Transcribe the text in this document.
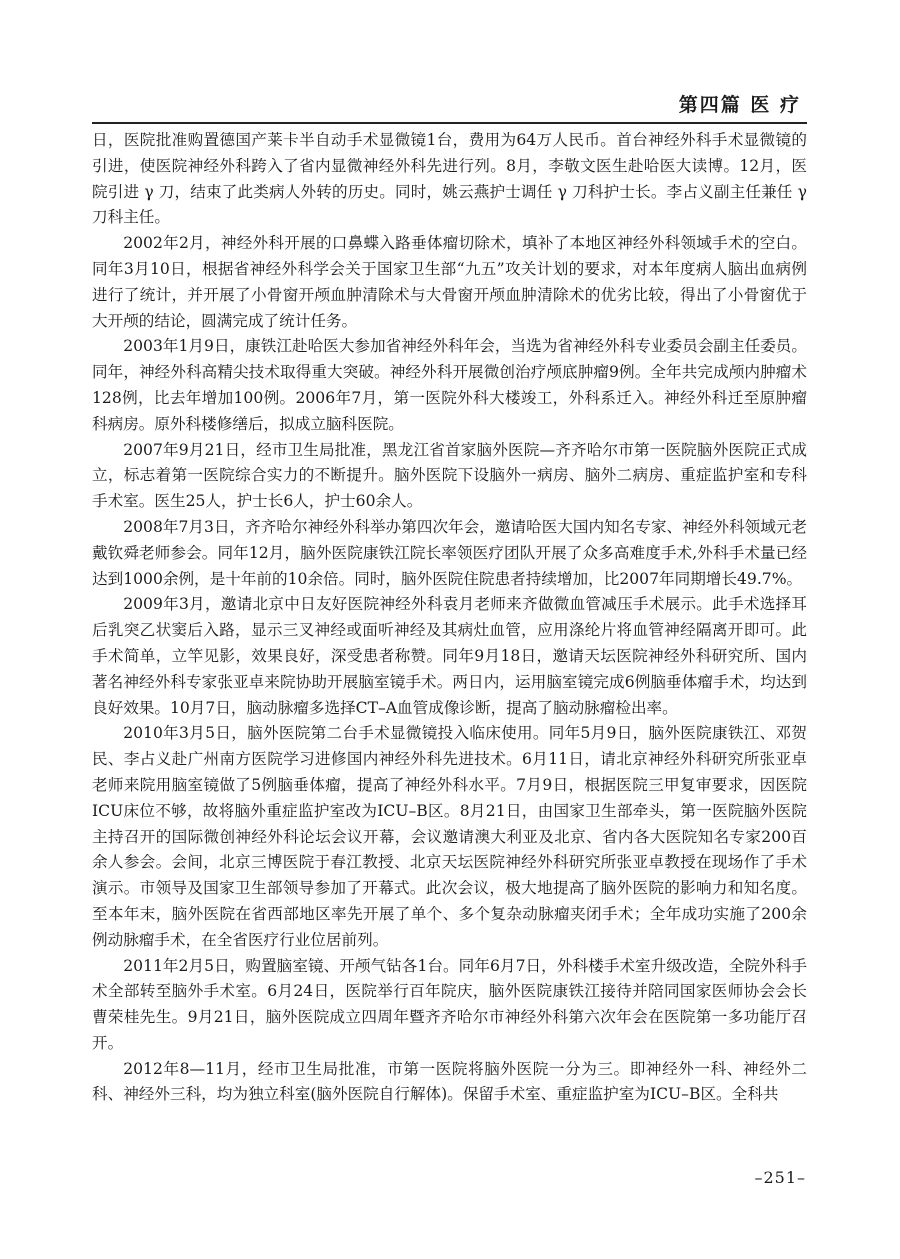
第四篇 医 疗

日，医院批准购置德国产莱卡半自动手术显微镜1台，费用为64万人民币。首台神经外科手术显微镜的引进，使医院神经外科跨入了省内显微神经外科先进行列。8月，李敬文医生赴哈医大读博。12月，医院引进 γ 刀，结束了此类病人外转的历史。同时，姚云燕护士调任 γ 刀科护士长。李占义副主任兼任 γ 刀科主任。

2002年2月，神经外科开展的口鼻蝶入路垂体瘤切除术，填补了本地区神经外科领域手术的空白。同年3月10日，根据省神经外科学会关于国家卫生部“九五”攻关计划的要求，对本年度病人脑出血病例进行了统计，并开展了小骨窗开颅血肿清除术与大骨窗开颅血肿清除术的优劣比较，得出了小骨窗优于大开颅的结论，圆满完成了统计任务。

2003年1月9日，康铁江赴哈医大参加省神经外科年会，当选为省神经外科专业委员会副主任委员。同年，神经外科高精尖技术取得重大突破。神经外科开展微创治疗颅底肿瘤9例。全年共完成颅内肿瘤术128例，比去年增加100例。2006年7月，第一医院外科大楼竣工，外科系迁入。神经外科迁至原肿瘤科病房。原外科楼修缮后，拟成立脑科医院。

2007年9月21日，经市卫生局批准，黑龙江省首家脑外医院—齐齐哈尔市第一医院脑外医院正式成立，标志着第一医院综合实力的不断提升。脑外医院下设脑外一病房、脑外二病房、重症监护室和专科手术室。医生25人，护士长6人，护士60余人。

2008年7月3日，齐齐哈尔神经外科举办第四次年会，邀请哈医大国内知名专家、神经外科领域元老戴钦舜老师参会。同年12月，脑外医院康铁江院长率领医疗团队开展了众多高难度手术,外科手术量已经达到1000余例，是十年前的10余倍。同时，脑外医院住院患者持续增加，比2007年同期增长49.7%。

2009年3月，邀请北京中日友好医院神经外科袁月老师来齐做微血管减压手术展示。此手术选择耳后乳突乙状窦后入路，显示三叉神经或面听神经及其病灶血管，应用涤纶片将血管神经隔离开即可。此手术简单，立竿见影，效果良好，深受患者称赞。同年9月18日，邀请天坛医院神经外科研究所、国内著名神经外科专家张亚卓来院协助开展脑室镜手术。两日内，运用脑室镜完成6例脑垂体瘤手术，均达到良好效果。10月7日，脑动脉瘤多选择CT–A血管成像诊断，提高了脑动脉瘤检出率。

2010年3月5日，脑外医院第二台手术显微镜投入临床使用。同年5月9日，脑外医院康铁江、邓贺民、李占义赴广州南方医院学习进修国内神经外科先进技术。6月11日，请北京神经外科研究所张亚卓老师来院用脑室镜做了5例脑垂体瘤，提高了神经外科水平。7月9日，根据医院三甲复审要求，因医院ICU床位不够，故将脑外重症监护室改为ICU–B区。8月21日，由国家卫生部牵头，第一医院脑外医院主持召开的国际微创神经外科论坛会议开幕，会议邀请澳大利亚及北京、省内各大医院知名专家200百余人参会。会间，北京三博医院于春江教授、北京天坛医院神经外科研究所张亚卓教授在现场作了手术演示。市领导及国家卫生部领导参加了开幕式。此次会议，极大地提高了脑外医院的影响力和知名度。至本年末，脑外医院在省西部地区率先开展了单个、多个复杂动脉瘤夹闭手术；全年成功实施了200余例动脉瘤手术，在全省医疗行业位居前列。

2011年2月5日，购置脑室镜、开颅气钻各1台。同年6月7日，外科楼手术室升级改造，全院外科手术全部转至脑外手术室。6月24日，医院举行百年院庆，脑外医院康铁江接待并陪同国家医师协会会长曹荣桂先生。9月21日，脑外医院成立四周年暨齐齐哈尔市神经外科第六次年会在医院第一多功能厅召开。

2012年8—11月，经市卫生局批准，市第一医院将脑外医院一分为三。即神经外一科、神经外二科、神经外三科，均为独立科室(脑外医院自行解体)。保留手术室、重症监护室为ICU–B区。全科共

–251–
